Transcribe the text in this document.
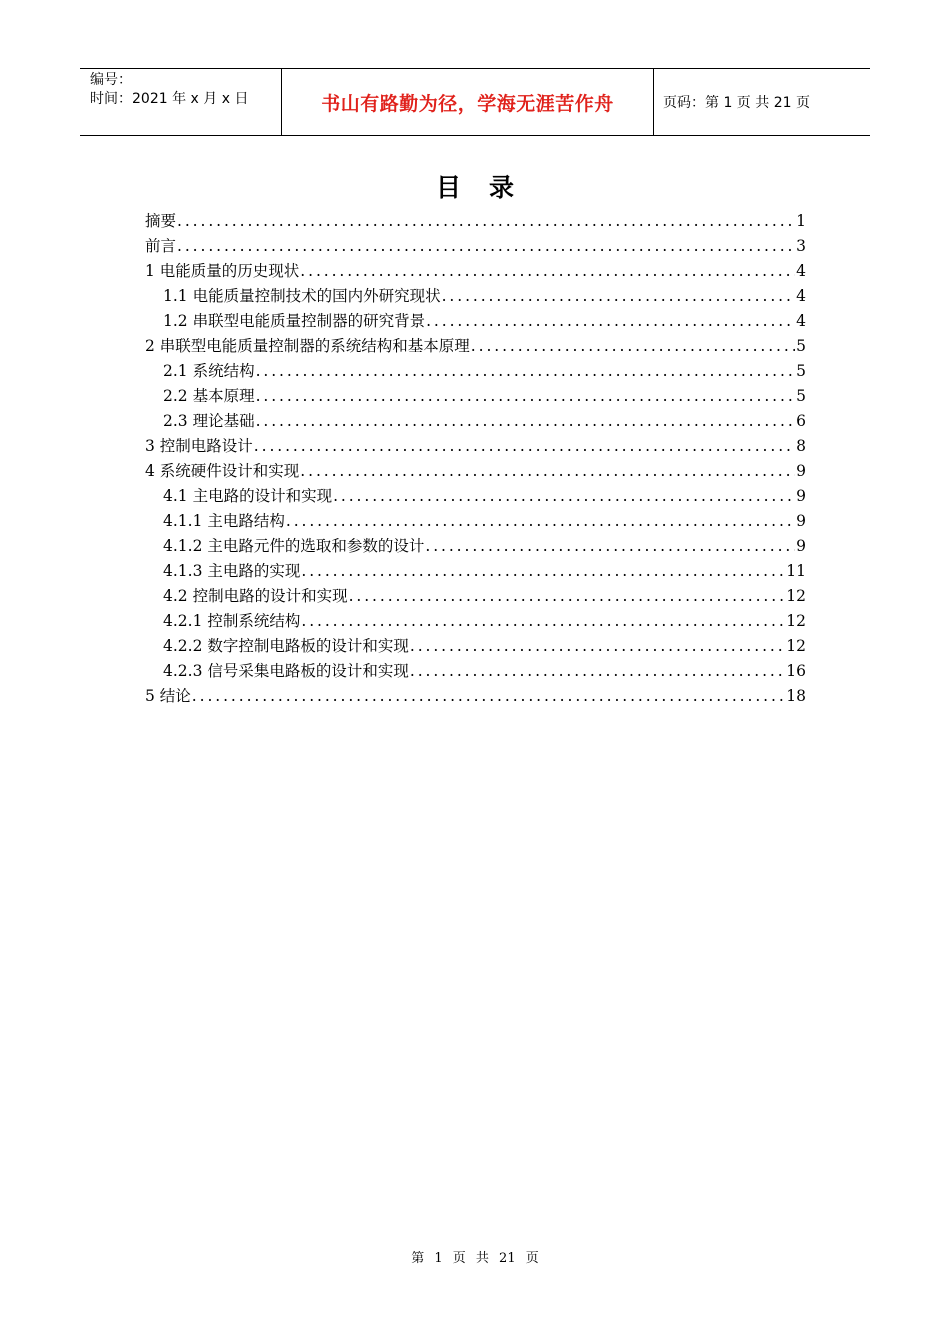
编号：
时间：2021 年 x 月 x 日	书山有路勤为径，学海无涯苦作舟	页码：第 1 页 共 21 页
目录
摘要 .....	1
前言 .....	3
1 电能质量的历史现状 .....	4
1.1 电能质量控制技术的国内外研究现状 .....	4
1.2 串联型电能质量控制器的研究背景 .....	4
2 串联型电能质量控制器的系统结构和基本原理 .....	5
2.1 系统结构 .....	5
2.2 基本原理 .....	5
2.3 理论基础 .....	6
3 控制电路设计 .....	8
4 系统硬件设计和实现 .....	9
4.1 主电路的设计和实现 .....	9
4.1.1 主电路结构 .....	9
4.1.2 主电路元件的选取和参数的设计 .....	9
4.1.3 主电路的实现 .....	11
4.2 控制电路的设计和实现 .....	12
4.2.1 控制系统结构 .....	12
4.2.2 数字控制电路板的设计和实现 .....	12
4.2.3 信号采集电路板的设计和实现 .....	16
5 结论 .....	18
第 1 页 共 21 页
